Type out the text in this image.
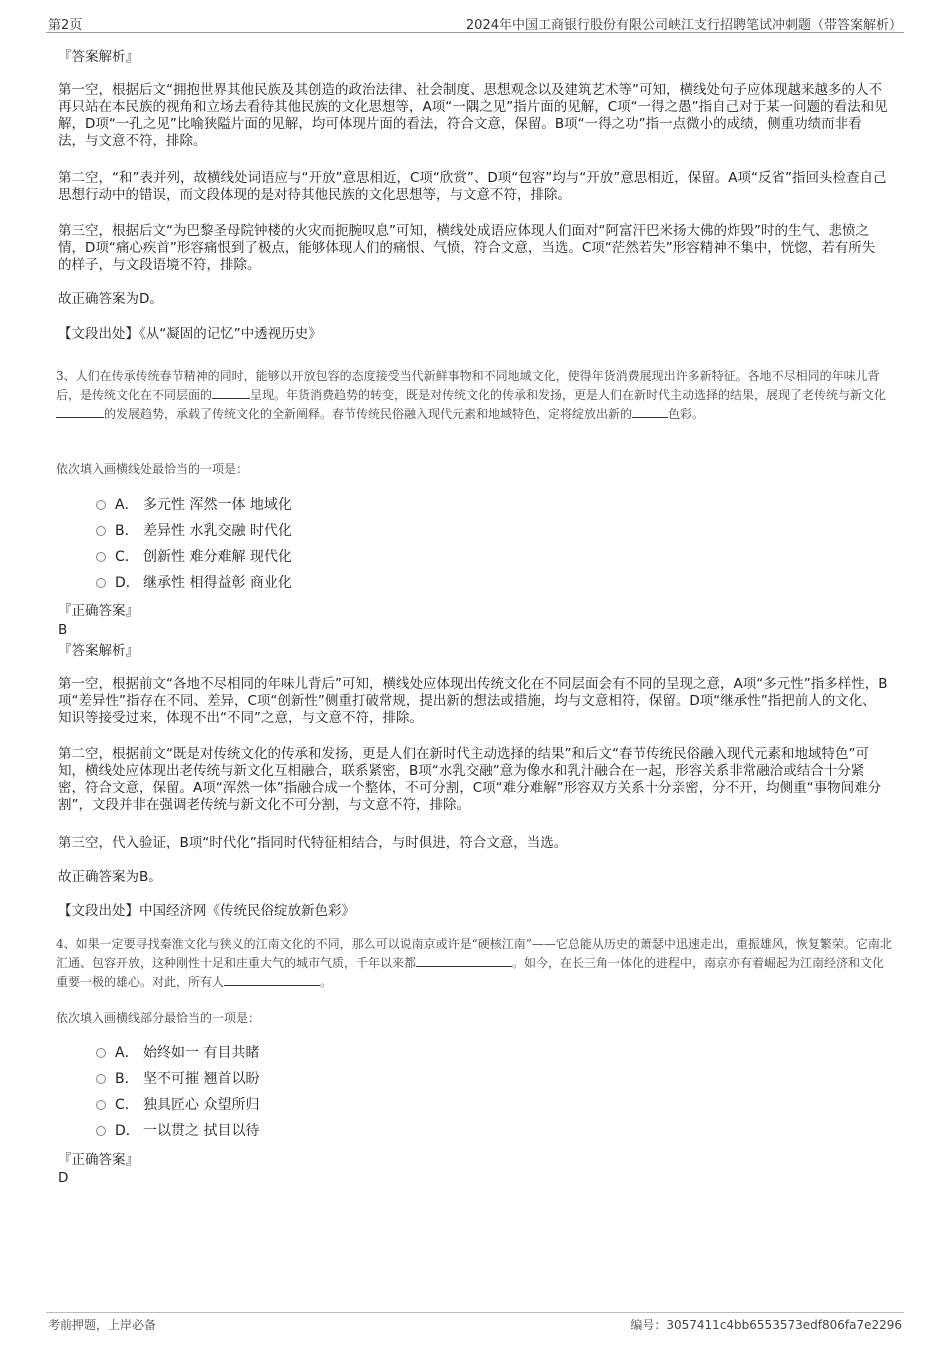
第2页	2024年中国工商银行股份有限公司峡江支行招聘笔试冲刺题（带答案解析）
『答案解析』
第一空，根据后文“拥抱世界其他民族及其创造的政治法律、社会制度、思想观念以及建筑艺术等”可知，横线处句子应体现越来越多的人不再只站在本民族的视角和立场去看待其他民族的文化思想等，A项“一隅之见”指片面的见解，C项“一得之愚”指自己对于某一问题的看法和见解，D项“一孔之见”比喻狭隘片面的见解，均可体现片面的看法，符合文意，保留。B项“一得之功”指一点微小的成绩，侧重功绩而非看法，与文意不符，排除。
第二空，“和”表并列，故横线处词语应与“开放”意思相近，C项“欣赏”、D项“包容”均与“开放”意思相近，保留。A项“反省”指回头检查自己思想行动中的错误，而文段体现的是对待其他民族的文化思想等，与文意不符，排除。
第三空，根据后文“为巴黎圣母院钟楼的火灾而扼腕叹息”可知，横线处成语应体现人们面对“阿富汗巴米扬大佛的炸毁”时的生气、悲愤之情，D项“痛心疾首”形容痛恨到了极点，能够体现人们的痛恨、气愤，符合文意，当选。C项“茫然若失”形容精神不集中，恍惚，若有所失的样子，与文段语境不符，排除。
故正确答案为D。
【文段出处】《从“凝固的记忆”中透视历史》
3、人们在传承传统春节精神的同时，能够以开放包容的态度接受当代新鲜事物和不同地域文化，使得年货消费展现出许多新特征。各地不尽相同的年味儿背后，是传统文化在不同层面的	呈现。年货消费趋势的转变，既是对传统文化的传承和发扬，更是人们在新时代主动选择的结果，展现了老传统与新文化的发展趋势，承载了传统文化的全新阐释。春节传统民俗融入现代元素和地域特色，定将绽放出新的	色彩。
依次填入画横线处最恰当的一项是：
A． 多元性 浑然一体 地域化
B． 差异性 水乳交融 时代化
C． 创新性 难分难解 现代化
D． 继承性 相得益彰 商业化
『正确答案』
B
『答案解析』
第一空，根据前文“各地不尽相同的年味儿背后”可知，横线处应体现出传统文化在不同层面会有不同的呈现之意，A项“多元性”指多样性，B项“差异性”指存在不同、差异，C项“创新性”侧重打破常规，提出新的想法或措施，均与文意相符，保留。D项“继承性”指把前人的文化、知识等接受过来，体现不出“不同”之意，与文意不符，排除。
第二空，根据前文“既是对传统文化的传承和发扬，更是人们在新时代主动选择的结果”和后文“春节传统民俗融入现代元素和地域特色”可知，横线处应体现出老传统与新文化互相融合，联系紧密，B项“水乳交融”意为像水和乳汁融合在一起，形容关系非常融洽或结合十分紧密，符合文意，保留。A项“浑然一体”指融合成一个整体，不可分割，C项“难分难解”形容双方关系十分亲密，分不开，均侧重“事物间难分割”，文段并非在强调老传统与新文化不可分割，与文意不符，排除。
第三空，代入验证，B项“时代化”指同时代特征相结合，与时俱进，符合文意，当选。
故正确答案为B。
【文段出处】中国经济网《传统民俗绽放新色彩》
4、如果一定要寻找秦淮文化与狭义的江南文化的不同，那么可以说南京或许是“硬核江南”——它总能从历史的萧瑟中迅速走出，重振雄风，恢复繁荣。它南北汇通、包容开放，这种刚性十足和庄重大气的城市气质，千年以来都	。如今，在长三角一体化的进程中，南京亦有着崛起为江南经济和文化重要一极的雄心。对此，所有人	。
依次填入画横线部分最恰当的一项是：
A． 始终如一 有目共睹
B． 坚不可摧 翘首以盼
C． 独具匠心 众望所归
D． 一以贯之 拭目以待
『正确答案』
D
考前押题，上岸必备	编号：3057411c4bb6553573edf806fa7e2296
